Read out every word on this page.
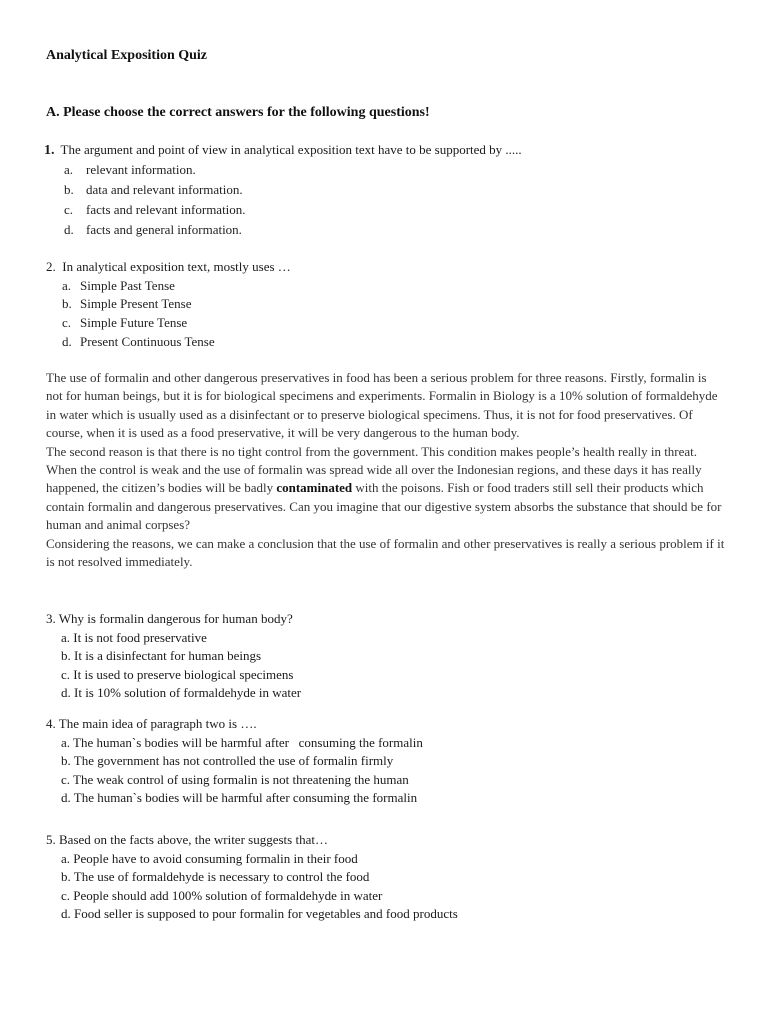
Analytical Exposition Quiz
A. Please choose the correct answers for the following questions!
1. The argument and point of view in analytical exposition text have to be supported by .....
a. relevant information.
b. data and relevant information.
c. facts and relevant information.
d. facts and general information.
2. In analytical exposition text, mostly uses …
a. Simple Past Tense
b. Simple Present Tense
c. Simple Future Tense
d. Present Continuous Tense

The use of formalin and other dangerous preservatives in food has been a serious problem for three reasons. Firstly, formalin is not for human beings, but it is for biological specimens and experiments. Formalin in Biology is a 10% solution of formaldehyde in water which is usually used as a disinfectant or to preserve biological specimens. Thus, it is not for food preservatives. Of course, when it is used as a food preservative, it will be very dangerous to the human body.

The second reason is that there is no tight control from the government. This condition makes people’s health really in threat. When the control is weak and the use of formalin was spread wide all over the Indonesian regions, and these days it has really happened, the citizen’s bodies will be badly contaminated with the poisons. Fish or food traders still sell their products which contain formalin and dangerous preservatives. Can you imagine that our digestive system absorbs the substance that should be for human and animal corpses?

Considering the reasons, we can make a conclusion that the use of formalin and other preservatives is really a serious problem if it is not resolved immediately.

3. Why is formalin dangerous for human body?
a. It is not food preservative
b. It is a disinfectant for human beings
c. It is used to preserve biological specimens
d. It is 10% solution of formaldehyde in water
4. The main idea of paragraph two is ….
a. The human`s bodies will be harmful after   consuming the formalin
b. The government has not controlled the use of formalin firmly
c. The weak control of using formalin is not threatening the human
d. The human`s bodies will be harmful after consuming the formalin
5. Based on the facts above, the writer suggests that…
a. People have to avoid consuming formalin in their food
b. The use of formaldehyde is necessary to control the food
c. People should add 100% solution of formaldehyde in water
d. Food seller is supposed to pour formalin for vegetables and food products
